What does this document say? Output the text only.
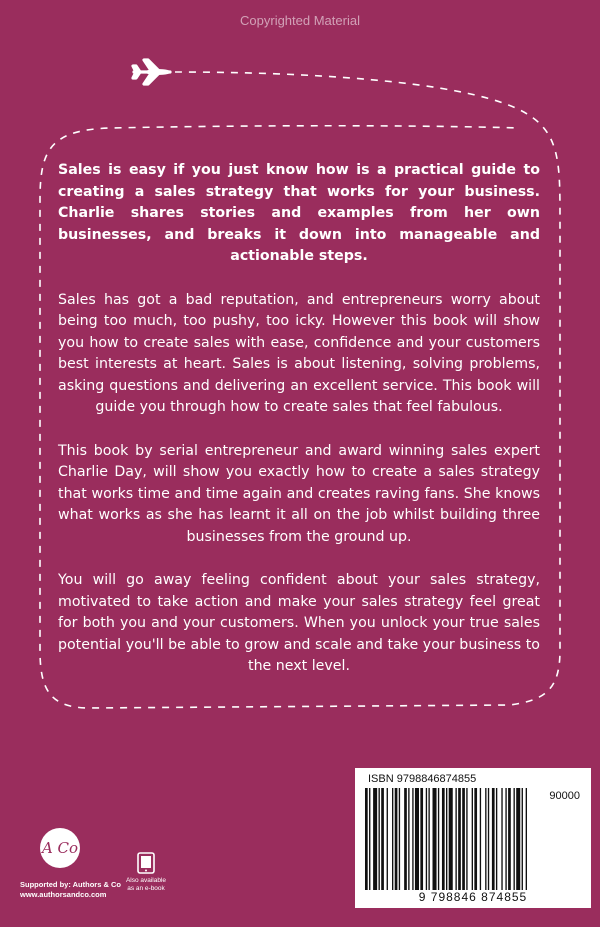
Copyrighted Material

Sales is easy if you just know how is a practical guide to creating a sales strategy that works for your business. Charlie shares stories and examples from her own businesses, and breaks it down into manageable and actionable steps.

Sales has got a bad reputation, and entrepreneurs worry about being too much, too pushy, too icky. However this book will show you how to create sales with ease, confidence and your customers best interests at heart. Sales is about listening, solving problems, asking questions and delivering an excellent service. This book will guide you through how to create sales that feel fabulous.

This book by serial entrepreneur and award winning sales expert Charlie Day, will show you exactly how to create a sales strategy that works time and time again and creates raving fans. She knows what works as she has learnt it all on the job whilst building three businesses from the ground up.

You will go away feeling confident about your sales strategy, motivated to take action and make your sales strategy feel great for both you and your customers. When you unlock your true sales potential you'll be able to grow and scale and take your business to the next level.

ISBN 9798846874855
90000
9 798846 874855
A Co
Supported by: Authors & Co
www.authorsandco.com
Also available
as an e-book
